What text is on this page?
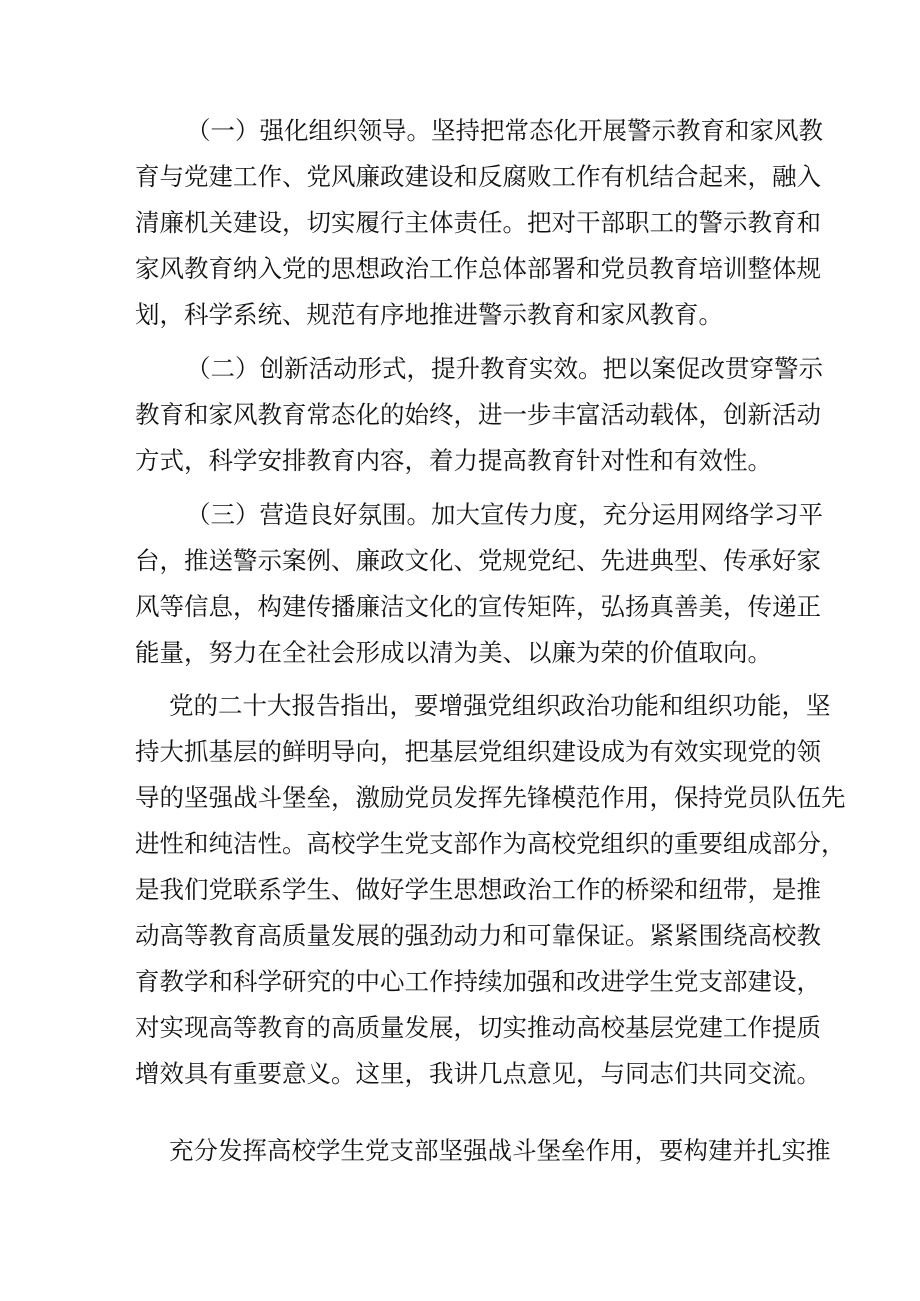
（一）强化组织领导。坚持把常态化开展警示教育和家风教
育与党建工作、党风廉政建设和反腐败工作有机结合起来，融入
清廉机关建设，切实履行主体责任。把对干部职工的警示教育和
家风教育纳入党的思想政治工作总体部署和党员教育培训整体规
划，科学系统、规范有序地推进警示教育和家风教育。
（二）创新活动形式，提升教育实效。把以案促改贯穿警示
教育和家风教育常态化的始终，进一步丰富活动载体，创新活动
方式，科学安排教育内容，着力提高教育针对性和有效性。
（三）营造良好氛围。加大宣传力度，充分运用网络学习平
台，推送警示案例、廉政文化、党规党纪、先进典型、传承好家
风等信息，构建传播廉洁文化的宣传矩阵，弘扬真善美，传递正
能量，努力在全社会形成以清为美、以廉为荣的价值取向。
党的二十大报告指出，要增强党组织政治功能和组织功能，坚
持大抓基层的鲜明导向，把基层党组织建设成为有效实现党的领
导的坚强战斗堡垒，激励党员发挥先锋模范作用，保持党员队伍先
进性和纯洁性。高校学生党支部作为高校党组织的重要组成部分，
是我们党联系学生、做好学生思想政治工作的桥梁和纽带，是推
动高等教育高质量发展的强劲动力和可靠保证。紧紧围绕高校教
育教学和科学研究的中心工作持续加强和改进学生党支部建设，
对实现高等教育的高质量发展，切实推动高校基层党建工作提质
增效具有重要意义。这里，我讲几点意见，与同志们共同交流。
充分发挥高校学生党支部坚强战斗堡垒作用，要构建并扎实推
